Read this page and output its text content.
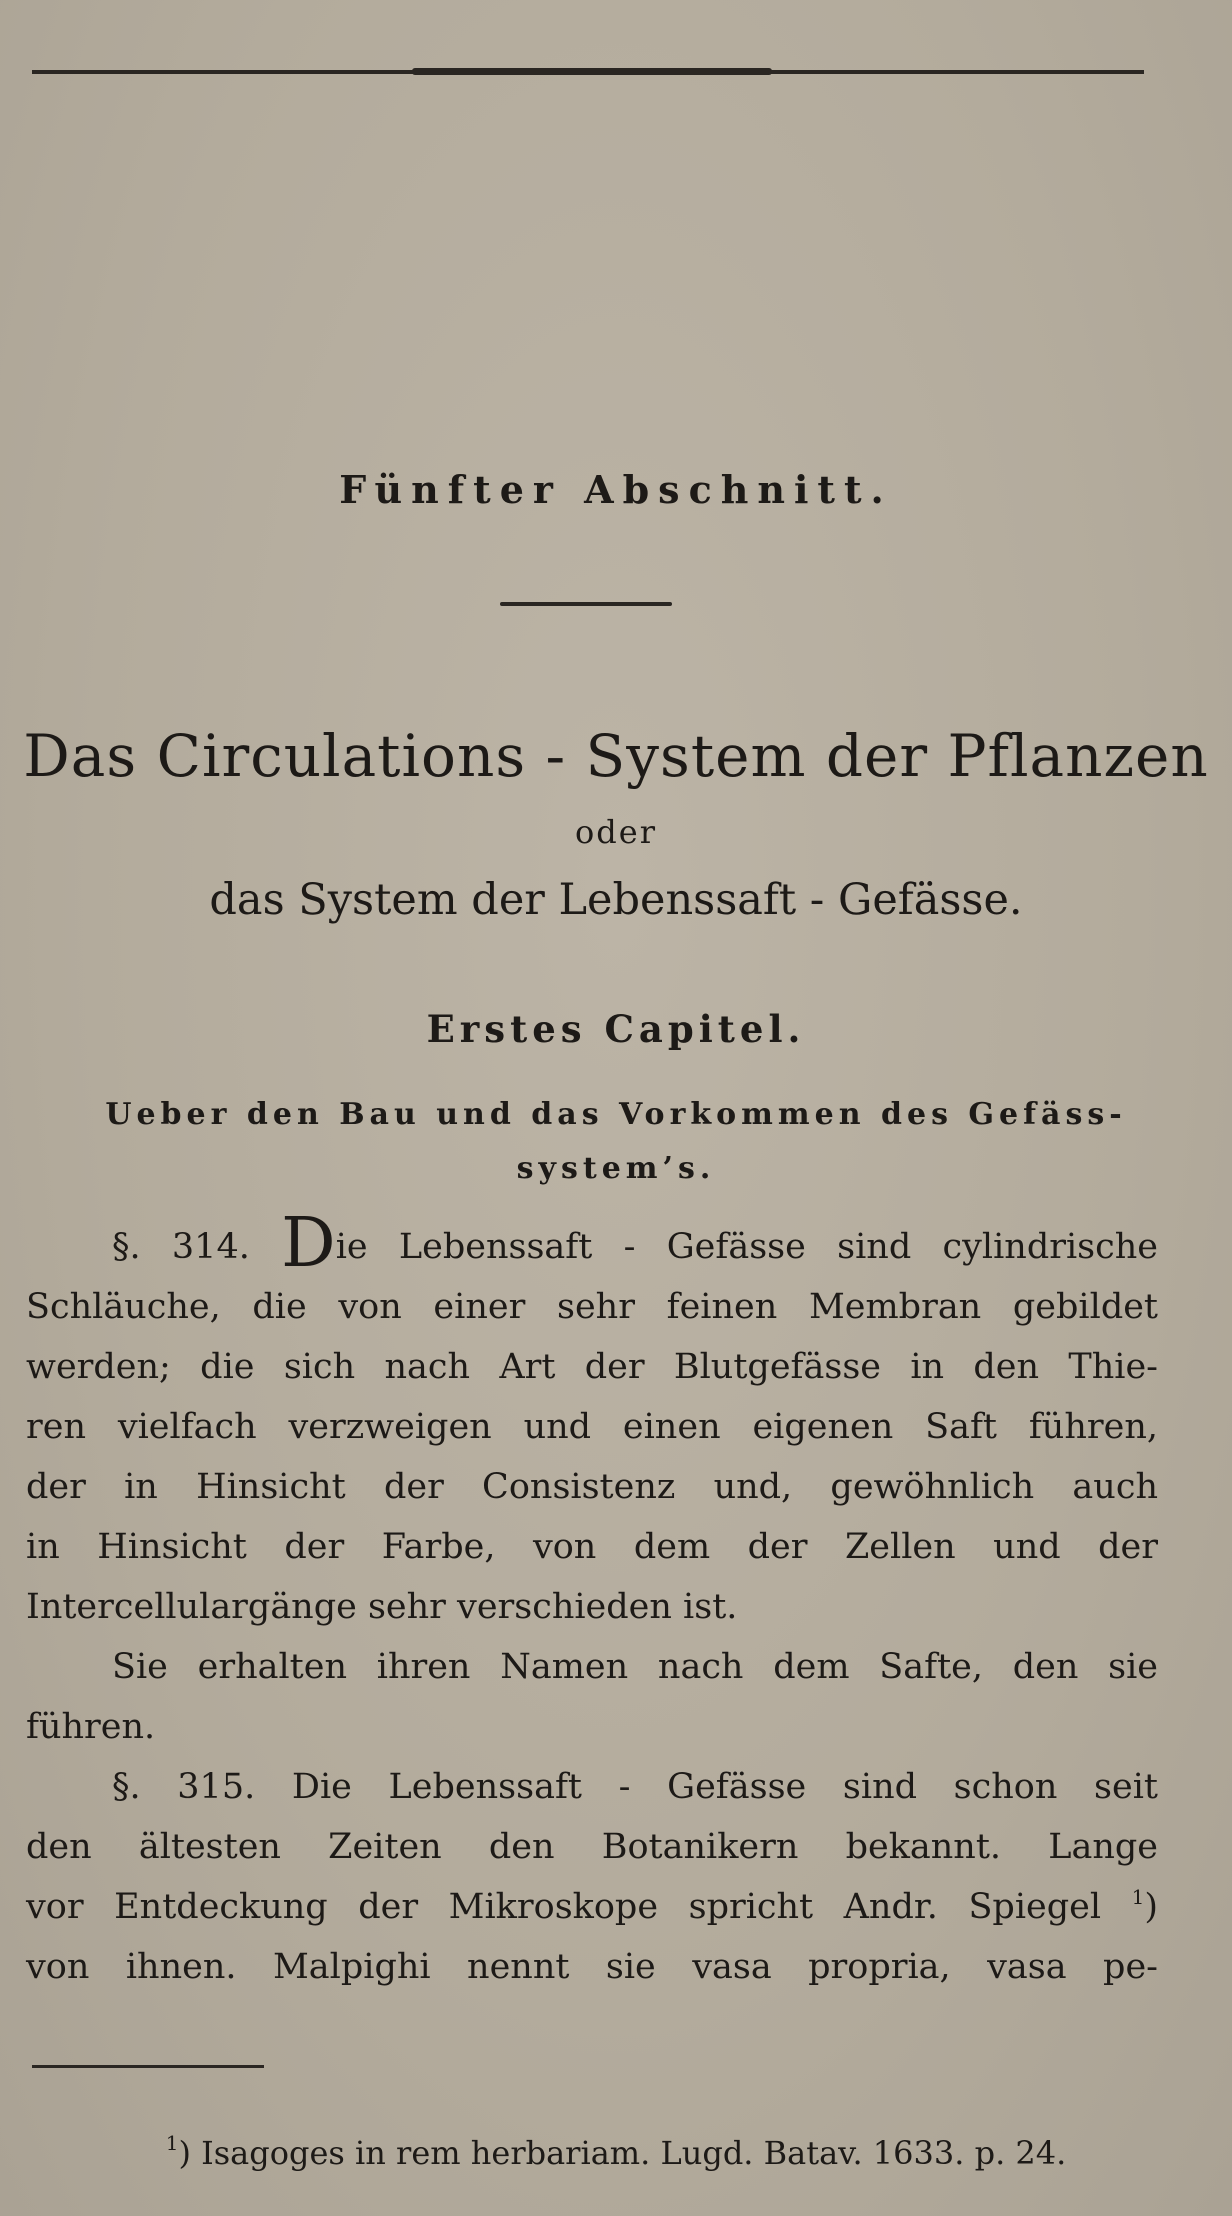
Fünfter Abschnitt.
Das Circulations - System der Pflanzen
oder
das System der Lebenssaft - Gefässe.
Erstes Capitel.
Ueber den Bau und das Vorkommen des Gefäss-
system’s.
§. 314. Die Lebenssaft - Gefässe sind cylindrische
Schläuche, die von einer sehr feinen Membran gebildet
werden; die sich nach Art der Blutgefässe in den Thie-
ren vielfach verzweigen und einen eigenen Saft führen,
der in Hinsicht der Consistenz und, gewöhnlich auch
in Hinsicht der Farbe, von dem der Zellen und der
Intercellulargänge sehr verschieden ist.
Sie erhalten ihren Namen nach dem Safte, den sie
führen.
§. 315. Die Lebenssaft - Gefässe sind schon seit
den ältesten Zeiten den Botanikern bekannt. Lange
vor Entdeckung der Mikroskope spricht Andr. Spiegel $^1$)
von ihnen. Malpighi nennt sie vasa propria, vasa pe-
$^1$) Isagoges in rem herbariam. Lugd. Batav. 1633. p. 24.
